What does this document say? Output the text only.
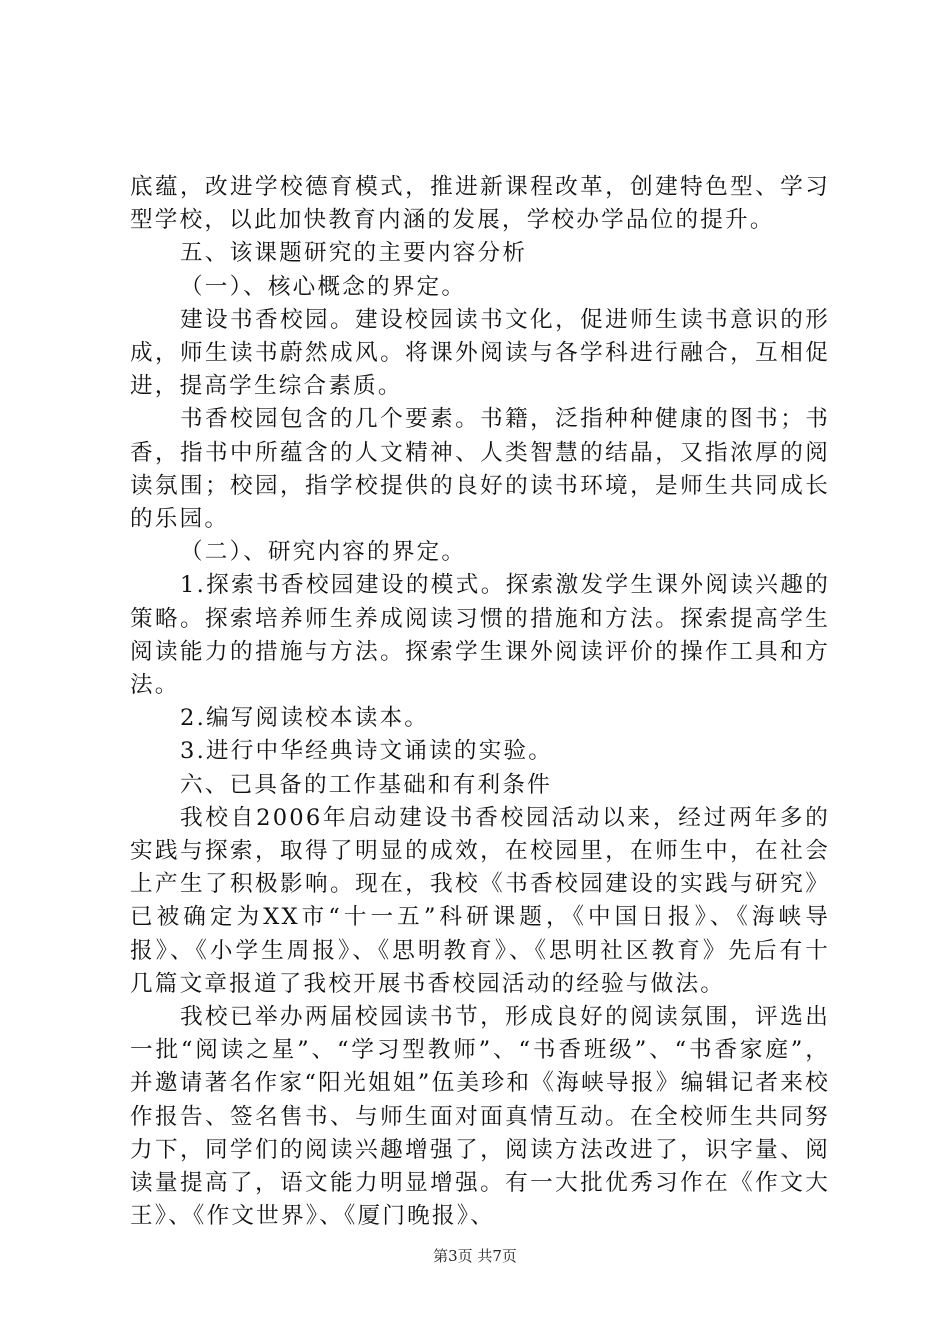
底蕴，改进学校德育模式，推进新课程改革，创建特色型、学习型学校，以此加快教育内涵的发展，学校办学品位的提升。

五、该课题研究的主要内容分析

（一）、核心概念的界定。

建设书香校园。建设校园读书文化，促进师生读书意识的形成，师生读书蔚然成风。将课外阅读与各学科进行融合，互相促进，提高学生综合素质。

书香校园包含的几个要素。书籍，泛指种种健康的图书；书香，指书中所蕴含的人文精神、人类智慧的结晶，又指浓厚的阅读氛围；校园，指学校提供的良好的读书环境，是师生共同成长的乐园。

（二）、研究内容的界定。

1.探索书香校园建设的模式。探索激发学生课外阅读兴趣的策略。探索培养师生养成阅读习惯的措施和方法。探索提高学生阅读能力的措施与方法。探索学生课外阅读评价的操作工具和方法。

2.编写阅读校本读本。

3.进行中华经典诗文诵读的实验。

六、已具备的工作基础和有利条件

我校自2006年启动建设书香校园活动以来，经过两年多的实践与探索，取得了明显的成效，在校园里，在师生中，在社会上产生了积极影响。现在，我校《书香校园建设的实践与研究》已被确定为XX市“十一五”科研课题，《中国日报》、《海峡导报》、《小学生周报》、《思明教育》、《思明社区教育》先后有十几篇文章报道了我校开展书香校园活动的经验与做法。

我校已举办两届校园读书节，形成良好的阅读氛围，评选出一批“阅读之星”、“学习型教师”、“书香班级”、“书香家庭”，并邀请著名作家“阳光姐姐”伍美珍和《海峡导报》编辑记者来校作报告、签名售书、与师生面对面真情互动。在全校师生共同努力下，同学们的阅读兴趣增强了，阅读方法改进了，识字量、阅读量提高了，语文能力明显增强。有一大批优秀习作在《作文大王》、《作文世界》、《厦门晚报》、

第3页 共7页
